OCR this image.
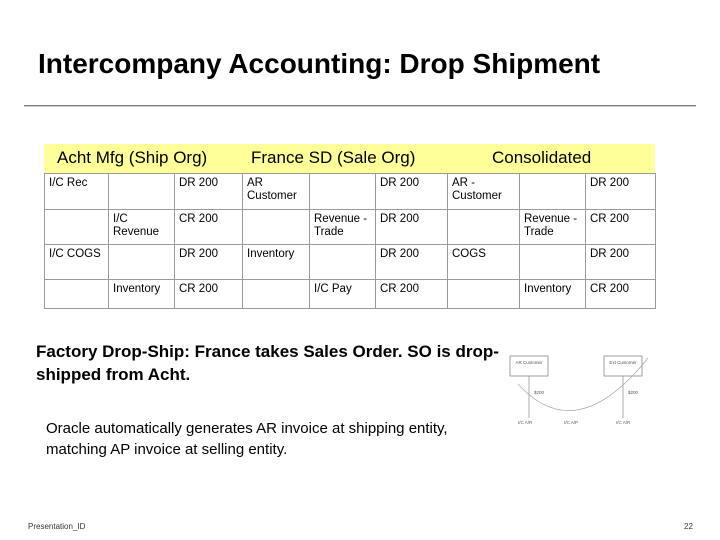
Intercompany Accounting: Drop Shipment
Acht Mfg (Ship Org)	France SD (Sale Org)	Consolidated
I/C Rec		DR 200	AR Customer		DR 200	AR - Customer		DR 200
	I/C Revenue	CR 200		Revenue - Trade	DR 200		Revenue - Trade	CR 200
I/C COGS		DR 200	Inventory		DR 200	COGS		DR 200
	Inventory	CR 200		I/C Pay	CR 200		Inventory	CR 200
Factory Drop-Ship: France takes Sales Order. SO is drop-shipped from Acht.
Oracle automatically generates AR invoice at shipping entity, matching AP invoice at selling entity.
AR Customer	Ext Customer
$200	$200
I/C A/R	I/C A/P	I/C A/R
Presentation_ID	22
